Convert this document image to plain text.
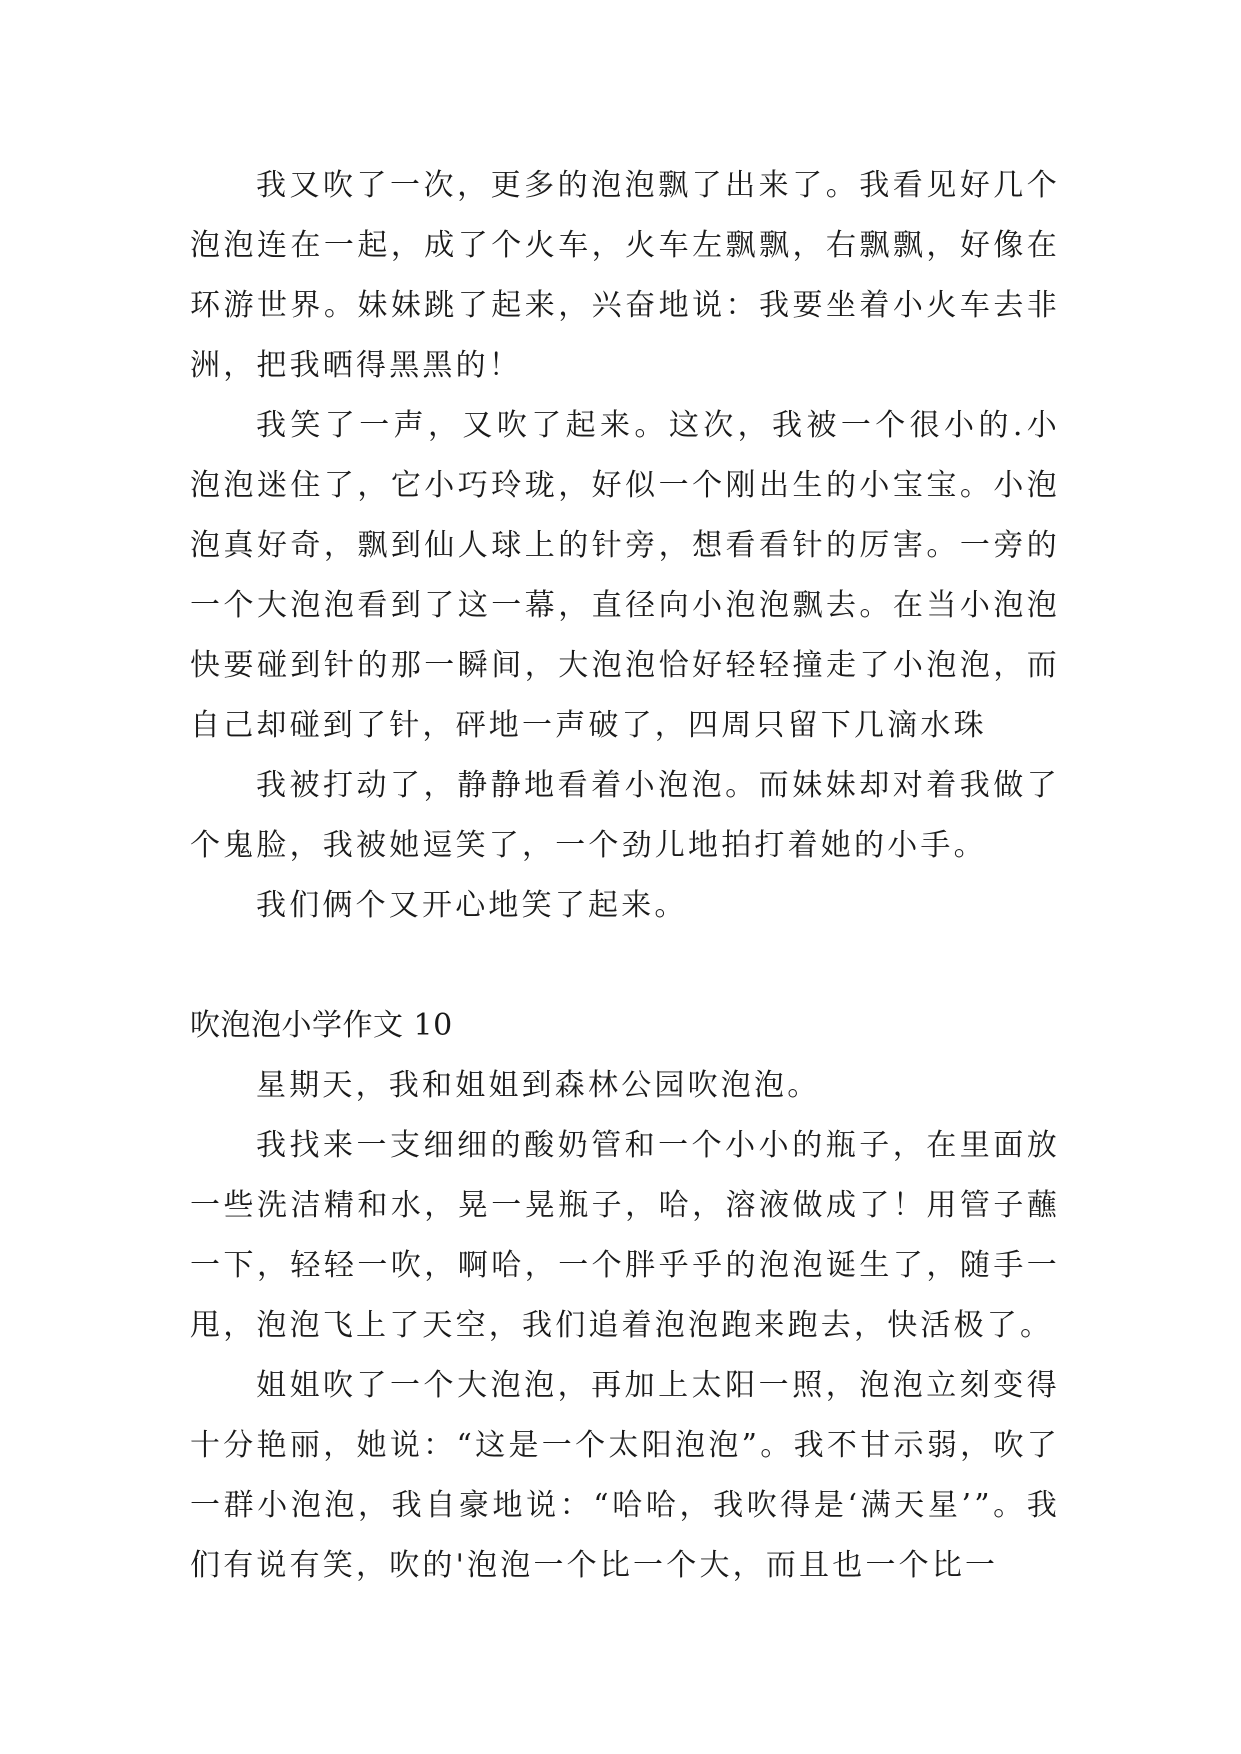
我又吹了一次，更多的泡泡飘了出来了。我看见好几个泡泡连在一起，成了个火车，火车左飘飘，右飘飘，好像在环游世界。妹妹跳了起来，兴奋地说：我要坐着小火车去非洲，把我晒得黑黑的！

我笑了一声，又吹了起来。这次，我被一个很小的.小泡泡迷住了，它小巧玲珑，好似一个刚出生的小宝宝。小泡泡真好奇，飘到仙人球上的针旁，想看看针的厉害。一旁的一个大泡泡看到了这一幕，直径向小泡泡飘去。在当小泡泡快要碰到针的那一瞬间，大泡泡恰好轻轻撞走了小泡泡，而自己却碰到了针，砰地一声破了，四周只留下几滴水珠

我被打动了，静静地看着小泡泡。而妹妹却对着我做了个鬼脸，我被她逗笑了，一个劲儿地拍打着她的小手。

我们俩个又开心地笑了起来。

吹泡泡小学作文 10

星期天，我和姐姐到森林公园吹泡泡。

我找来一支细细的酸奶管和一个小小的瓶子，在里面放一些洗洁精和水，晃一晃瓶子，哈，溶液做成了！用管子蘸一下，轻轻一吹，啊哈，一个胖乎乎的泡泡诞生了，随手一甩，泡泡飞上了天空，我们追着泡泡跑来跑去，快活极了。

姐姐吹了一个大泡泡，再加上太阳一照，泡泡立刻变得十分艳丽，她说：“这是一个太阳泡泡”。我不甘示弱，吹了一群小泡泡，我自豪地说：“哈哈，我吹得是‘满天星’”。我们有说有笑，吹的'泡泡一个比一个大，而且也一个比一
